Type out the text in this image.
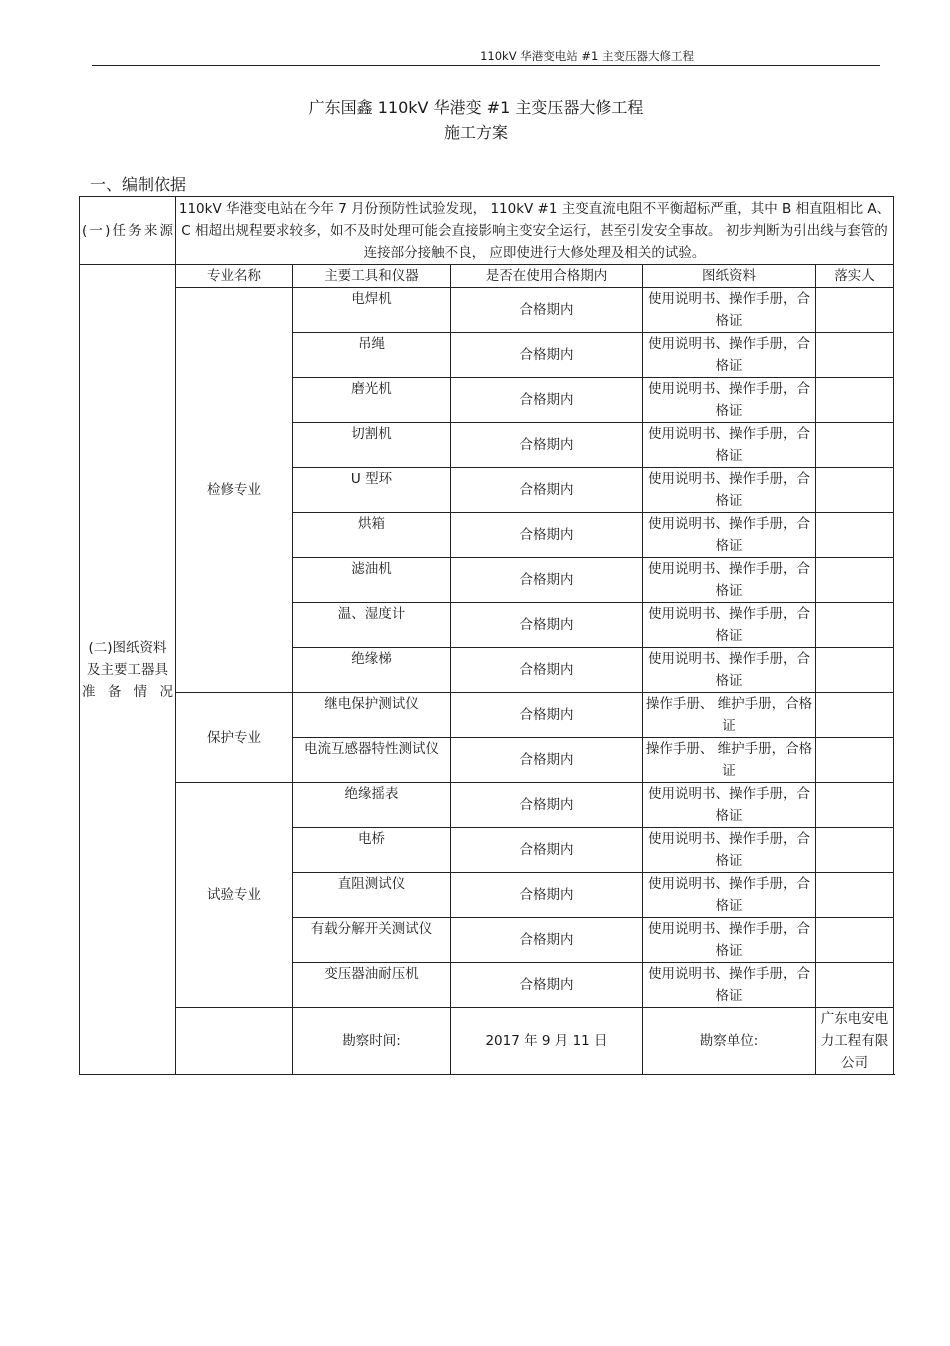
110kV 华港变电站 #1 主变压器大修工程
广东国鑫 110kV 华港变 #1 主变压器大修工程
施工方案
一、编制依据
(一)任务来源	110kV 华港变电站在今年 7 月份预防性试验发现， 110kV #1 主变直流电阻不平衡超标严重，其中 B 相直阻相比 A、C 相超出规程要求较多，如不及时处理可能会直接影响主变安全运行，甚至引发安全事故。 初步判断为引出线与套管的连接部分接触不良， 应即使进行大修处理及相关的试验。				
(二)图纸资料及主要工器具准备情况	专业名称	主要工具和仪器	是否在使用合格期内	图纸资料	落实人
	检修专业	电焊机	合格期内	使用说明书、操作手册，合格证	
		吊绳	合格期内	使用说明书、操作手册，合格证	
		磨光机	合格期内	使用说明书、操作手册，合格证	
		切割机	合格期内	使用说明书、操作手册，合格证	
		U 型环	合格期内	使用说明书、操作手册，合格证	
		烘箱	合格期内	使用说明书、操作手册，合格证	
		滤油机	合格期内	使用说明书、操作手册，合格证	
		温、湿度计	合格期内	使用说明书、操作手册，合格证	
		绝缘梯	合格期内	使用说明书、操作手册，合格证	
	保护专业	继电保护测试仪	合格期内	操作手册、 维护手册，合格证	
		电流互感器特性测试仪	合格期内	操作手册、 维护手册，合格证	
	试验专业	绝缘摇表	合格期内	使用说明书、操作手册，合格证	
		电桥	合格期内	使用说明书、操作手册，合格证	
		直阻测试仪	合格期内	使用说明书、操作手册，合格证	
		有载分解开关测试仪	合格期内	使用说明书、操作手册，合格证	
		变压器油耐压机	合格期内	使用说明书、操作手册，合格证	
		勘察时间:	2017 年 9 月 11 日	勘察单位:	广东电安电力工程有限公司
